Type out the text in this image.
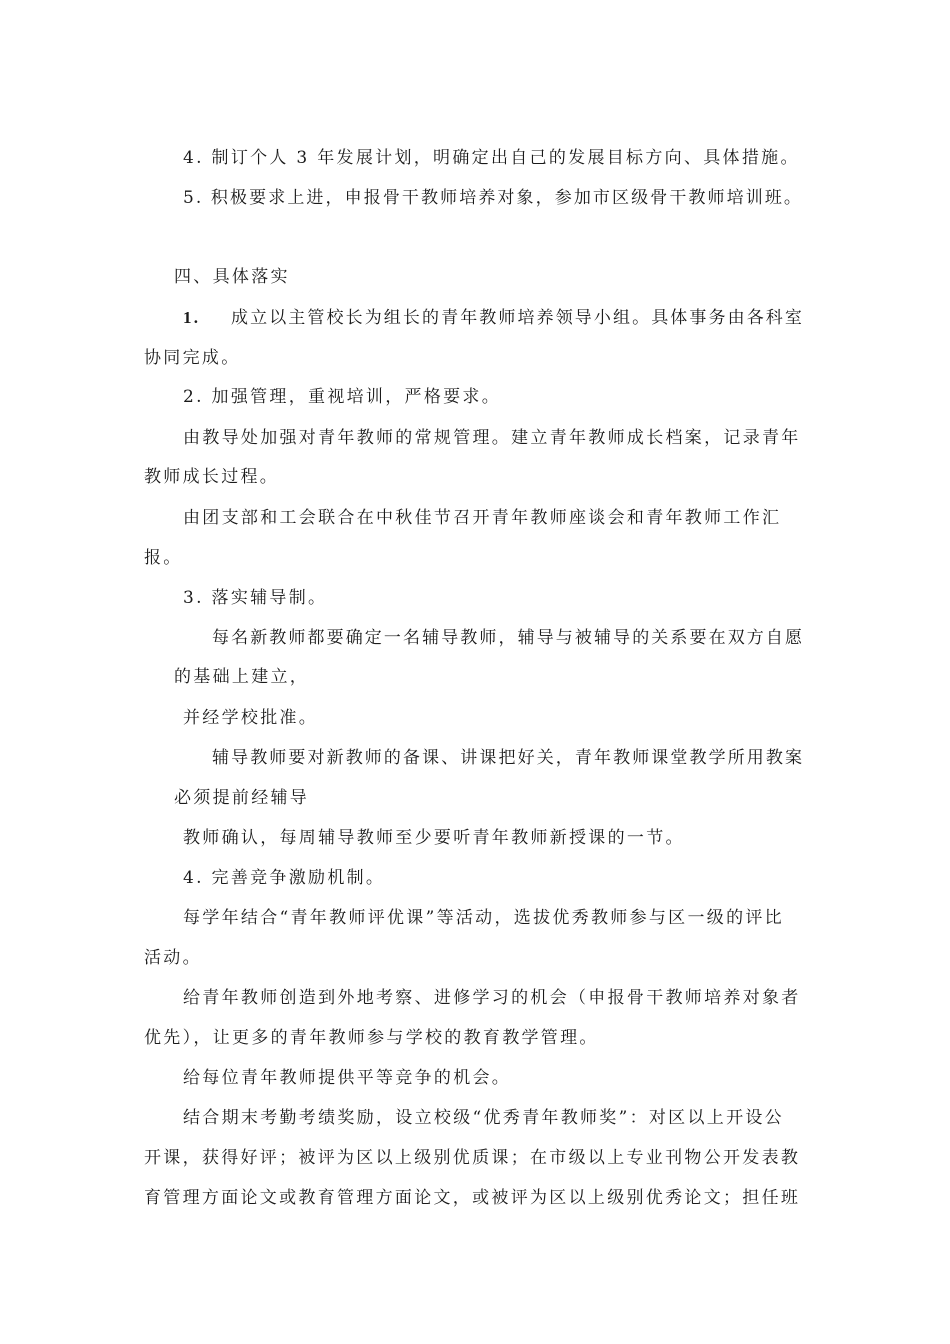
4. 制订个人 3 年发展计划，明确定出自己的发展目标方向、具体措施。
5. 积极要求上进，申报骨干教师培养对象，参加市区级骨干教师培训班。
四、具体落实
1. 成立以主管校长为组长的青年教师培养领导小组。具体事务由各科室
协同完成。
2. 加强管理，重视培训，严格要求。
由教导处加强对青年教师的常规管理。建立青年教师成长档案，记录青年
教师成长过程。
由团支部和工会联合在中秋佳节召开青年教师座谈会和青年教师工作汇
报。
3. 落实辅导制。
每名新教师都要确定一名辅导教师，辅导与被辅导的关系要在双方自愿
的基础上建立，
并经学校批准。
辅导教师要对新教师的备课、讲课把好关，青年教师课堂教学所用教案
必须提前经辅导
教师确认，每周辅导教师至少要听青年教师新授课的一节。
4. 完善竞争激励机制。
每学年结合“青年教师评优课”等活动，选拔优秀教师参与区一级的评比
活动。
给青年教师创造到外地考察、进修学习的机会（申报骨干教师培养对象者
优先），让更多的青年教师参与学校的教育教学管理。
给每位青年教师提供平等竞争的机会。
结合期末考勤考绩奖励，设立校级“优秀青年教师奖”：对区以上开设公
开课，获得好评；被评为区以上级别优质课；在市级以上专业刊物公开发表教
育管理方面论文或教育管理方面论文，或被评为区以上级别优秀论文；担任班
